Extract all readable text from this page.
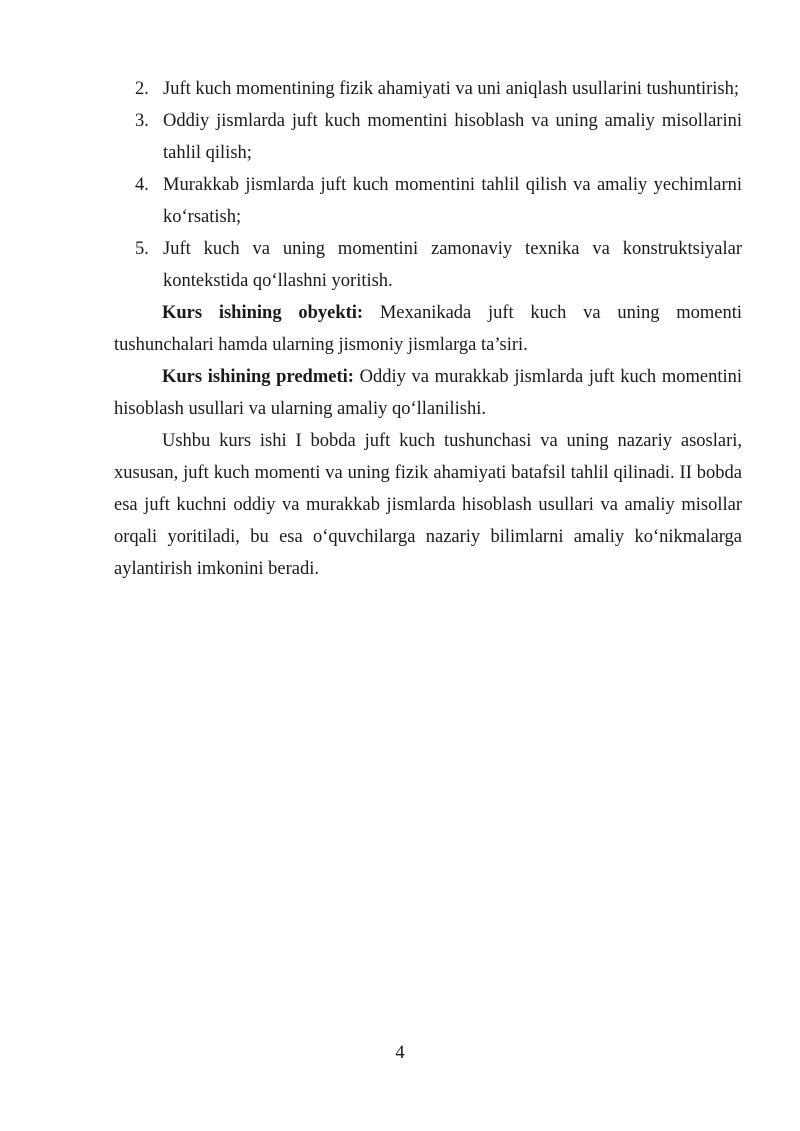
2. Juft kuch momentining fizik ahamiyati va uni aniqlash usullarini tushuntirish;
3. Oddiy jismlarda juft kuch momentini hisoblash va uning amaliy misollarini tahlil qilish;
4. Murakkab jismlarda juft kuch momentini tahlil qilish va amaliy yechimlarni ko‘rsatish;
5. Juft kuch va uning momentini zamonaviy texnika va konstruktsiyalar kontekstida qo‘llashni yoritish.

Kurs ishining obyekti: Mexanikada juft kuch va uning momenti tushunchalari hamda ularning jismoniy jismlarga ta’siri.

Kurs ishining predmeti: Oddiy va murakkab jismlarda juft kuch momentini hisoblash usullari va ularning amaliy qo‘llanilishi.

Ushbu kurs ishi I bobda juft kuch tushunchasi va uning nazariy asoslari, xususan, juft kuch momenti va uning fizik ahamiyati batafsil tahlil qilinadi. II bobda esa juft kuchni oddiy va murakkab jismlarda hisoblash usullari va amaliy misollar orqali yoritiladi, bu esa o‘quvchilarga nazariy bilimlarni amaliy ko‘nikmalarga aylantirish imkonini beradi.

4
